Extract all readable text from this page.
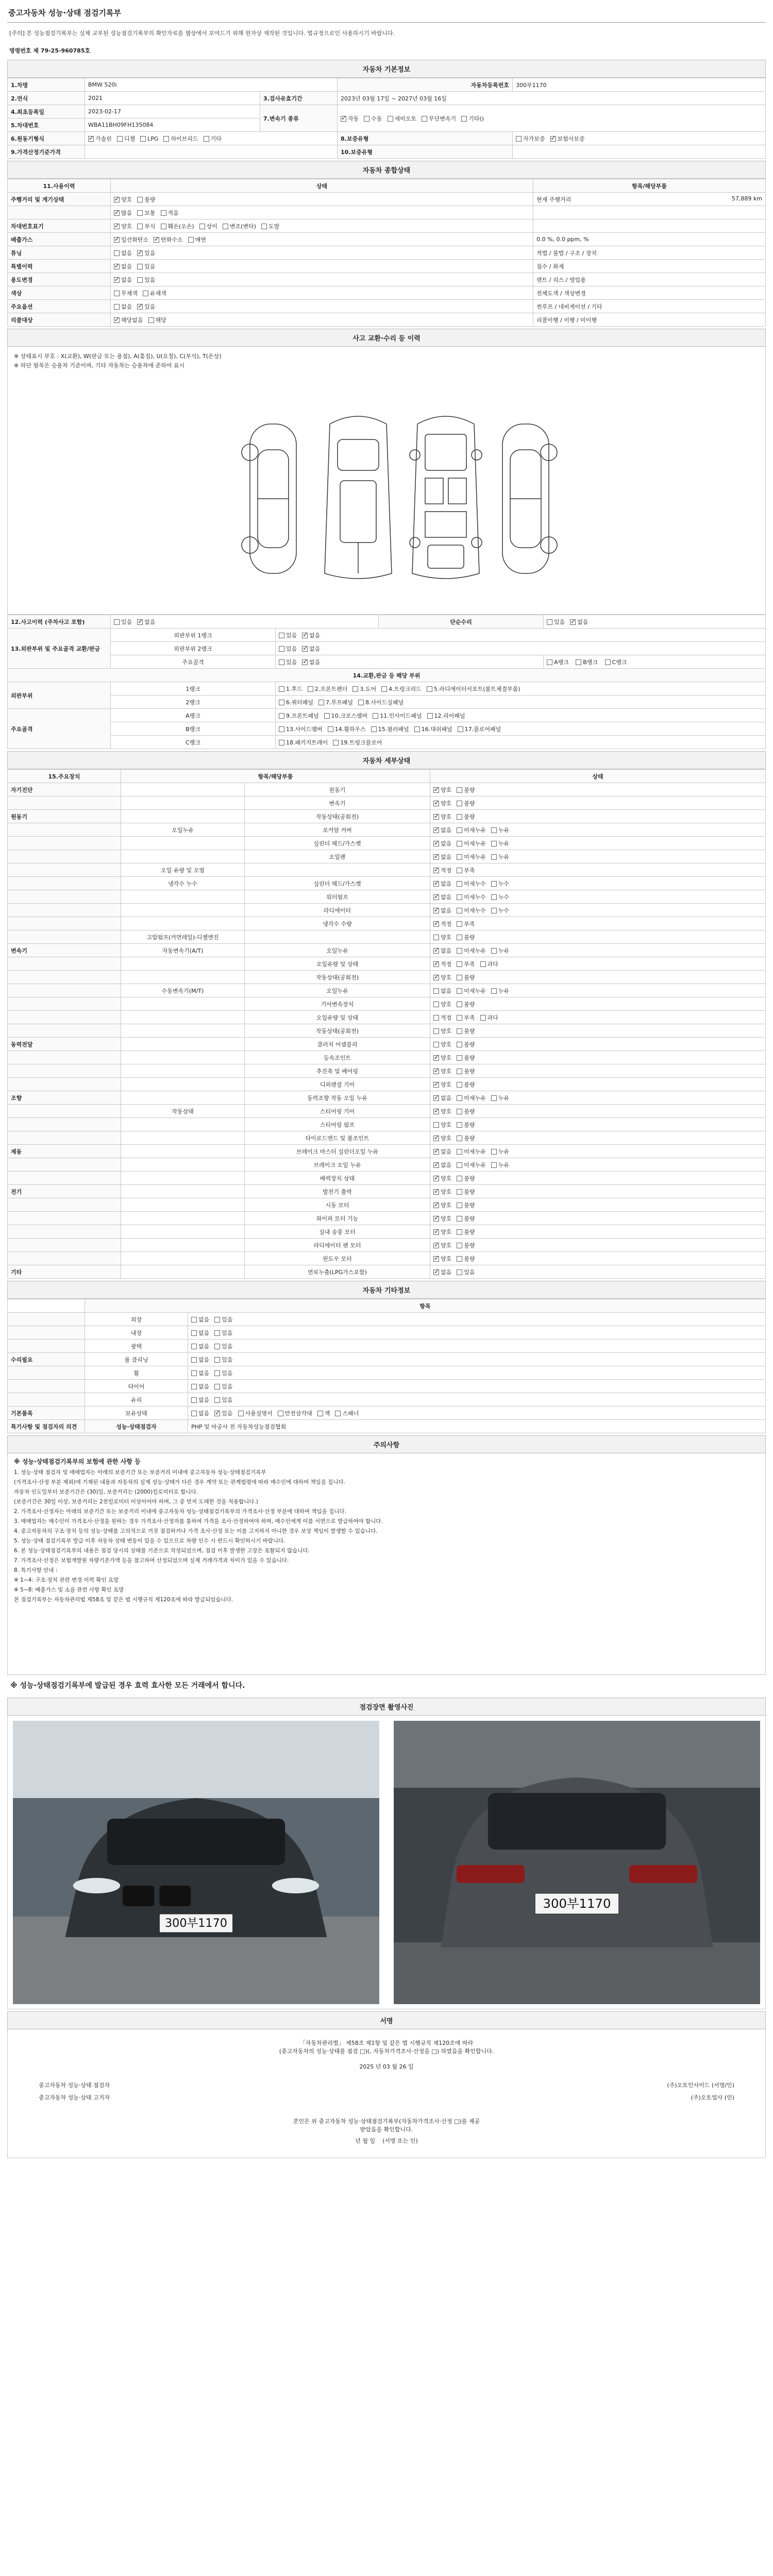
중고자동차 성능·상태 점검기록부
[주의] 본 성능점검기록부는 실제 교부된 성능점검기록부의 확인자료를 웹상에서 보여드기 위해 원자상 재작된 것입니다. 법규정으로인 사용하시기 바랍니다.
명령번호 제 79-25-960785호
자동차 기본정보
1.차명	BMW 520i		자동차등록번호	300부1170
2.연식	2021	3.검사유효기간	2023년 03월 17일 ~ 2027년 03월 16일	
4.최초등록일	2023-02-17	7.변속기 종류	✓자동 수동 세미오토 무단변속기 기타()
5.차대번호	WBA11BH09FH135084			
6.원동기형식	✓가솔린 디젤 LPG 하이브리드 기타		8.보증유형	자가보증 ✓ 보험사보증
9.가격산정기준가격			10.보증유형	
자동차 종합상태
11.사용이력	상태	항목/해당부품
주행거리 및 계기상태	✓양호 불량	현재 주행거리 57,889 km

	✓많음 보통 적음	

차대번호표기	✓양호 부식 훼손(오손) 상이 변조(변타) 도말	

배출가스	✓일산화탄소 ✓ 탄화수소 매연	0.0 %, 0.0 ppm, %

튜닝	없음 ✓ 있음	적법 / 불법 / 구조 / 장치

특별이력	✓없음 있음	침수 / 화재

용도변경	✓없음 있음	렌트 / 리스 / 영업용

색상	무채색 유채색	전체도색 / 색상변경

주요옵션	없음 ✓ 있음	썬루프 / 네비게이션 / 기타

리콜대상	✓해당없음 해당	리콜이행 / 이행 / 미이행
사고 교환·수리 등 이력
※ 상태표시 부호 : X(교환), W(판금 또는 용접), A(흠집), U(요철), C(부식), T(손상)
※ 하단 항목은 승용차 기준이며, 기타 자동차는 승용차에 준하여 표시
12.사고이력 (주차사고 포함)	있음 ✓ 없음		단순수리	있음 ✓ 없음
13.외판부위 및 주요골격 교환/판금	외판부위 1랭크	있음 ✓ 없음
	외판부위 2랭크	있음 ✓ 없음
	주요골격	있음 ✓ 없음		A랭크 B랭크 C랭크
14.교환,판금 등 해당 부위				
외판부위	1랭크	1.후드 2.프론트펜더 3.도어 4.트렁크리드 5.라디에이터서포트(볼트체결부품)		
	2랭크	6.쿼터패널 7.루프패널 8.사이드실패널		
주요골격	A랭크	9.프론트패널 10.크로스멤버 11.인사이드패널 12.리어패널		
	B랭크	13.사이드멤버 14.휠하우스 15.필러패널 16.대쉬패널 17.플로어패널		
	C랭크	18.패키지트레이 19.트렁크플로어		
자동차 세부상태
15.주요장치	항목/해당부품		상태
자기진단		원동기	✓양호 불량
		변속기	✓양호 불량
원동기		작동상태(공회전)	✓양호 불량
	오일누유	로커암 커버	✓없음 미세누유 누유
		실린더 헤드/가스켓	✓없음 미세누유 누유
		오일팬	✓없음 미세누유 누유
	오일 유량 및 오염		✓적정 부족
	냉각수 누수	실린더 헤드/가스켓	✓없음 미세누수 누수
		워터펌프	✓없음 미세누수 누수
		라디에이터	✓없음 미세누수 누수
		냉각수 수량	✓적정 부족
	고압펌프(커먼레일)-디젤엔진		양호 불량
변속기	자동변속기(A/T)	오일누유	✓없음 미세누유 누유
		오일유량 및 상태	✓적정 부족 과다
		작동상태(공회전)	✓양호 불량
	수동변속기(M/T)	오일누유	없음 미세누유 누유
		기어변속장치	양호 불량
		오일유량 및 상태	적정 부족 과다
		작동상태(공회전)	양호 불량
동력전달		클러치 어셈블리	양호 불량
		등속조인트	✓양호 불량
		추진축 및 베어링	✓양호 불량
		디퍼렌셜 기어	✓양호 불량
조향		동력조향 작동 오일 누유	✓없음 미세누유 누유
	작동상태	스티어링 기어	✓양호 불량
		스티어링 펌프	양호 불량
		타이로드엔드 및 볼조인트	✓양호 불량
제동		브레이크 마스터 실린더오일 누유	✓없음 미세누유 누유
		브레이크 오일 누유	✓없음 미세누유 누유
		배력장치 상태	✓양호 불량
전기		발전기 출력	✓양호 불량
		시동 모터	✓양호 불량
		와이퍼 모터 기능	✓양호 불량
		실내 송풍 모터	✓양호 불량
		라디에이터 팬 모터	✓양호 불량
		윈도우 모터	✓양호 불량
기타		연료누출(LPG가스포함)	✓없음 있음
자동차 기타정보
	항목	
	외장	없음 있음
	내장	없음 있음
	광택	없음 있음
수리필요	룸 클리닝	없음 있음
	휠	없음 있음
	타이어	없음 있음
	유리	없음 있음
기본품목	보유상태	없음 ✓ 있음 사용설명서 안전삼각대 잭 스패너
특기사항 및 점검자의 의견	성능·상태점검자	PHP 및 마공사 전 자동차성능점검협회
주의사항
※ 성능·상태점검기록부의 보험에 관한 사항 등

1. 성능·상태 점검자 및 매매업자는 아래의 보증기간 또는 보증거리 이내에 중고자동차 성능·상태점검기록부

(가격조사·산정 부분 제외)에 기재된 내용과 자동차의 실제 성능·상태가 다른 경우 계약 또는 관계법령에 따라 매수인에 대하여 책임을 집니다.

자동차 인도일부터 보증기간은 (30)일, 보증거리는 (2000)킬로미터로 합니다.

(보증기간은 30일 이상, 보증거리는 2천킬로미터 이상이어야 하며, 그 중 먼저 도래한 것을 적용합니다.)

2. 가격조사·산정자는 아래의 보증기간 또는 보증거리 이내에 중고자동차 성능·상태점검기록부의 가격조사·산정 부분에 대하여 책임을 집니다.

3. 매매업자는 매수인이 가격조사·산정을 원하는 경우 가격조사·산정자를 통하여 가격을 조사·산정하여야 하며, 매수인에게 이를 서면으로 발급하여야 합니다.

4. 중고자동차의 구조·장치 등의 성능·상태를 고의적으로 거짓 점검하거나 가격 조사·산정 또는 이를 고지하지 아니한 경우 보상 책임이 발생할 수 있습니다.

5. 성능·상태 점검기록부 발급 이후 자동차 상태 변동이 있을 수 있으므로 차량 인수 시 반드시 확인하시기 바랍니다.

6. 본 성능·상태점검기록부의 내용은 점검 당시의 상태를 기준으로 작성되었으며, 점검 이후 발생한 고장은 포함되지 않습니다.

7. 가격조사·산정은 보험개발원 차량기준가액 등을 참고하여 산정되었으며 실제 거래가격과 차이가 있을 수 있습니다.

8. 특기사항 안내 :

※ 1~4: 구조·장치 관련 변경 이력 확인 요망

※ 5~8: 배출가스 및 소음 관련 사항 확인 요망

본 점검기록부는 자동차관리법 제58조 및 같은 법 시행규칙 제120조에 따라 발급되었습니다.

※ 성능·상태점검기록부에 발급된 경우 효력 효사한 모든 거래에서 합니다.
점검장면 촬영사진
300부1170
300부1170
서명
「자동차관리법」 제58조 제1항 및 같은 법 시행규칙 제120조에 따라
(중고자동차의 성능·상태를 점검 □)(, 자동차가격조사·산정을 □) 하였음을 확인합니다.
2025 년 03 월 26 일
중고자동차 성능·상태 점검자	(주)오토인사이드 (서명/인)
중고자동차 성능·상태 고지자	(주)오토업사 (인)
본인은 위 중고자동차 성능·상태점검기록부(자동차가격조사·산정 □)를 제공
받았음을 확인합니다.
년 월 일 (서명 또는 인)
